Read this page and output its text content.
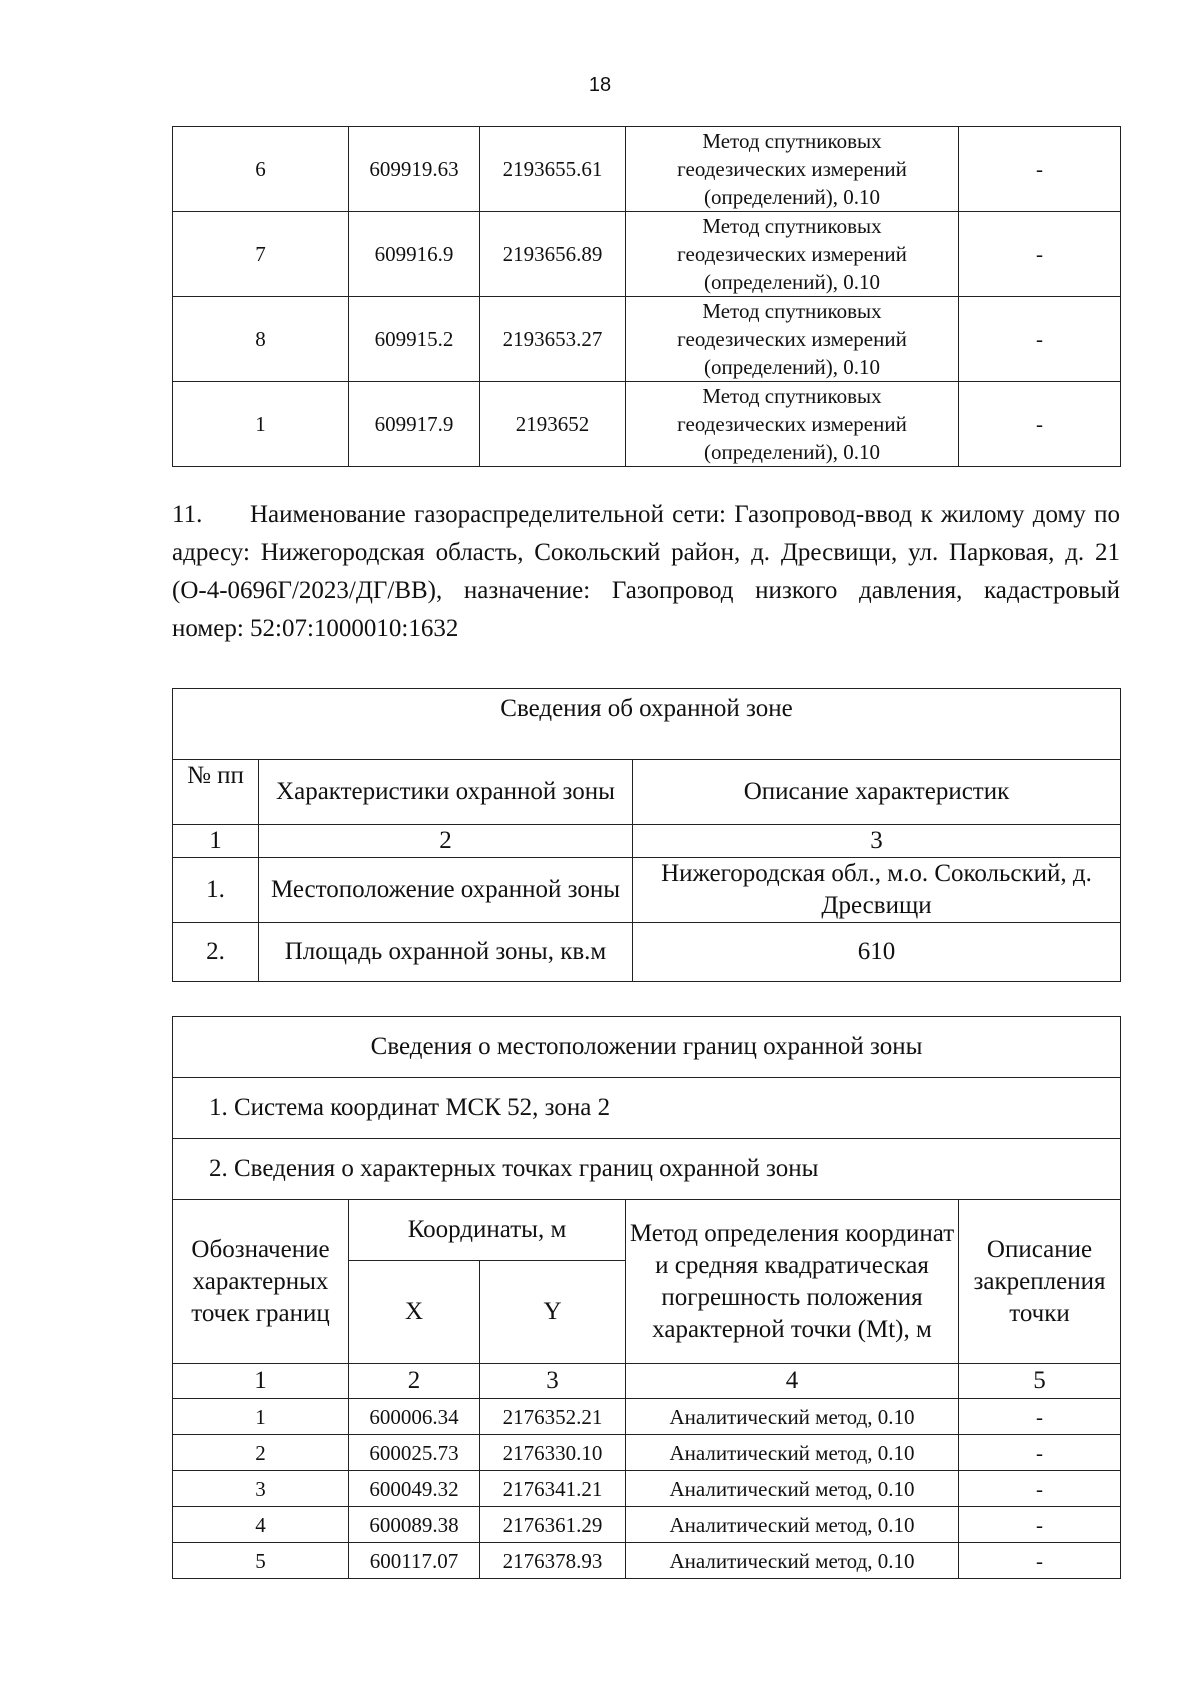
18
6	609919.63	2193655.61	Метод спутниковых
геодезических измерений
(определений), 0.10	-
7	609916.9	2193656.89	Метод спутниковых
геодезических измерений
(определений), 0.10	-
8	609915.2	2193653.27	Метод спутниковых
геодезических измерений
(определений), 0.10	-
1	609917.9	2193652	Метод спутниковых
геодезических измерений
(определений), 0.10	-
11. Наименование газораспределительной сети: Газопровод-ввод к жилому дому по адресу: Нижегородская область, Сокольский район, д. Дресвищи, ул. Парковая, д. 21 (О-4-0696Г/2023/ДГ/ВВ), назначение: Газопровод низкого давления, кадастровый номер: 52:07:1000010:1632
Сведения об охранной зоне		
№ пп	Характеристики охранной зоны	Описание характеристик
1	2	3
1.	Местоположение охранной зоны	Нижегородская обл., м.о. Сокольский, д. Дресвищи
2.	Площадь охранной зоны, кв.м	610
Сведения о местоположении границ охранной зоны				
1. Система координат МСК 52, зона 2				
2. Сведения о характерных точках границ охранной зоны				
Обозначение характерных точек границ	Координаты, м		Метод определения координат и средняя квадратическая погрешность положения характерной точки (Mt), м	Описание закрепления точки
	X	Y		
1	2	3	4	5
1	600006.34	2176352.21	Аналитический метод, 0.10	-
2	600025.73	2176330.10	Аналитический метод, 0.10	-
3	600049.32	2176341.21	Аналитический метод, 0.10	-
4	600089.38	2176361.29	Аналитический метод, 0.10	-
5	600117.07	2176378.93	Аналитический метод, 0.10	-
